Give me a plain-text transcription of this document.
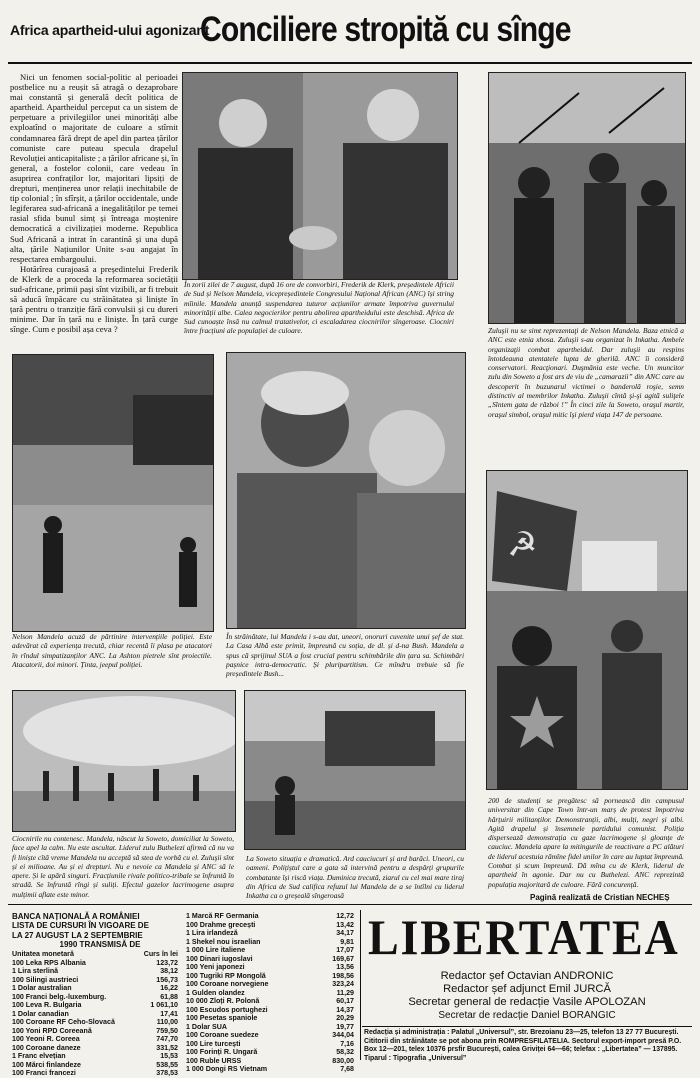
Africa apartheid-ului agonizant
Conciliere stropită cu sînge
Nici un fenomen social-politic al perioadei postbelice nu a reușit să atragă o dezaprobare mai constantă și generală decît politica de apartheid. Apartheidul perceput ca un sistem de perpetuare a privilegiilor unei minorități albe exploatînd o majoritate de culoare a stîrnit condamnarea fără drept de apel din partea țărilor comuniste care puteau specula drapelul Revoluției anticapitaliste ; a țărilor africane și, în general, a fostelor colonii, care vedeau în asuprirea confraților lor, majoritari lipsiți de drepturi, menținerea unor relații inechitabile de tip colonial ; în sfîrșit, a țărilor occidentale, unde legiferarea sud-africană a inegalităților pe temei rasial sfida bunul simț și întreaga moștenire democratică a civilizației moderne. Republica Sud Africană a intrat în carantină și una după alta, țările Națiunilor Unite s-au angajat în respectarea embargoului.
Hotărîrea curajoasă a președintelui Frederik de Klerk de a proceda la reformarea societății sud-africane, primii pași sînt vizibili, ar fi trebuit să aducă împăcare cu străinătatea și liniște în țară pentru o tranziție fără convulsii și cu dureri minime. Dar în țară nu e liniște. În țară curge sînge. Cum e posibil așa ceva ?
În zorii zilei de 7 august, după 16 ore de convorbiri, Frederik de Klerk, președintele Africii de Sud și Nelson Mandela, vicepreședintele Congresului Național African (ANC) își string mîinile. Mandela anunță suspendarea tuturor acțiunilor armate împotriva guvernului minorității albe. Calea negocierilor pentru abolirea apartheidului este deschisă. Africa de Sud cunoaște însă nu calmul tratativelor, ci escaladarea ciocnirilor sîngeroase. Ciocniri între fracțiuni ale populației de culoare.	Zuluşii nu se simt reprezentaţi de Nelson Mandela. Baza etnică a ANC este etnia xhosa. Zuluşii s-au organizat în Inkatha. Ambele organizaţii combat apartheidul. Dar zuluşii au respins întotdeauna atentatele lupta de gherilă. ANC îi consideră conservatori. Reacţionari. Duşmănia este veche. Un muncitor zulu din Soweto a fost ars de viu de „camarazii” din ANC care au descoperit în buzunarul victimei o banderolă roşie, semn distinctiv al membrilor Inkatha. Zuluşii cîntă şi-şi agită suliţele „Sîntem gata de război !” În cinci zile la Soweto, oraşul martir, oraşul simbol, oraşul mitic îşi pierd viaţa 147 de persoane.
Nelson Mandela acuză de părtinire intervențiile poliției. Este adevărat că experiența trecută, chiar recentă îi plasa pe atacatori în rîndul simpatizanților ANC. La Ashton pietrele sînt proiectile. Atacatorii, doi minori. Ținta, jeepul poliției.
În străinătate, lui Mandela i s-au dat, uneori, onoruri cuvenite unui șef de stat. La Casa Albă este primit, împreună cu soția, de dl. și d-na Bush. Mandela a spus că sprijinul SUA a fost crucial pentru schimbările din țara sa. Schimbări pașnice intra-democratic. Și pluripartitism. Ce mîndru trebuie să fie președintele Bush...
☭
Ciocnirile nu contenesc. Mandela, născut la Soweto, domiciliat la Soweto, face apel la calm. Nu este ascultat. Liderul zulu Buthelezi afirmă că nu va fi liniște cîtă vreme Mandela nu acceptă să stea de vorbă cu el. Zuluşii sînt și ei milioane. Au și ei drepturi. Nu e nevoie ca Mandela și ANC să le apere. Și le apără singuri. Fracțiunile rivale politico-tribale se înfruntă în stradă. Se înfruntă rîngi și suliți. Efectul gazelor lacrimogene asupra mulțimii aflate este minor.
La Soweto situația e dramatică. Ard cauciucuri și ard barăci. Uneori, cu oameni. Polițiștul care a gata să intervină pentru a despărți grupurile combatante își riscă viața. Duminica trecută, ziarul cu cel mai mare tiraj din Africa de Sud califica refuzul lui Mandela de a se întîlni cu liderul Inkatha ca o greșeală sîngeroasă
200 de studenți se pregătesc să pornească din campusul universitar din Cape Town într-un marș de protest împotriva hărțuirii militanților. Demonstranții, albi, mulți, negri și albi. Agită drapelul și însemnele partidului comunist. Poliția dispersează demonstrația cu gaze lacrimogene și gloanțe de cauciuc. Mandela apare la mitingurile de reactivare a PC alături de liderul acestuia rămîne fidel unilor în care au luptat împreună. Combat și scum împreună. Dă mîna cu de Klerk, liderul de apartheid în agonie. Dar nu cu Buthelezi. ANC reprezintă populația majoritară de culoare. Fără concurență.
Pagină realizată de Cristian NECHEȘ
BANCA NAȚIONALĂ A ROMÂNIEI
LISTA DE CURSURI ÎN VIGOARE DE
LA 27 AUGUST LA 2 SEPTEMBRIE
1990 TRANSMISĂ DE
Unitatea monetară	Curs în lei
100 Leka RPS Albania	123,72
1 Lira sterlină	38,12
100 Silingi austrieci	156,73
1 Dolar australian	16,22
100 Franci belg.-luxemburg.	61,88
100 Leva R. Bulgaria	1 061,10
1 Dolar canadian	17,41
100 Coroane RF Ceho-Slovacă	110,00
100 Yoni RPD Coreeană	759,50
100 Yeoni R. Coreea	747,70
100 Coroane daneze	331,52
1 Franc elvețian	15,53
100 Mărci finlandeze	538,55
100 Franci francezi	378,53
1 Marcă RF Germania	12,72
100 Drahme grecești	13,42
1 Lira irlandeză	34,17
1 Shekel nou israelian	9,81
1 000 Lire italiene	17,07
100 Dinari iugoslavi	169,67
100 Yeni japonezi	13,56
100 Tugriki RP Mongolă	198,56
100 Coroane norvegiene	323,24
1 Gulden olandez	11,29
10 000 Zloți R. Polonă	60,17
100 Escudos portughezi	14,37
100 Pesetas spaniole	20,29
1 Dolar SUA	19,77
100 Coroane suedeze	344,04
100 Lire turcești	7,16
100 Forinți R. Ungară	58,32
100 Ruble URSS	830,00
1 000 Dongi RS Vietnam	7,68
LIBERTATEA
Redactor șef Octavian ANDRONIC
Redactor șef adjunct Emil JURCĂ
Secretar general de redacție Vasile APOLOZAN
Secretar de redacție Daniel BORANGIC
Redacția și administrația : Palatul „Universul”, str. Brezoianu 23—25, telefon 13 27 77 București. Cititorii din străinătate se pot abona prin ROMPRESFILATELIA. Sectorul export-import presă P.O. Box 12—201, telex 10376 prsfir București, calea Griviței 64—66; telefax : „Libertatea” — 137895. Tiparul : Tipografia „Universul”
